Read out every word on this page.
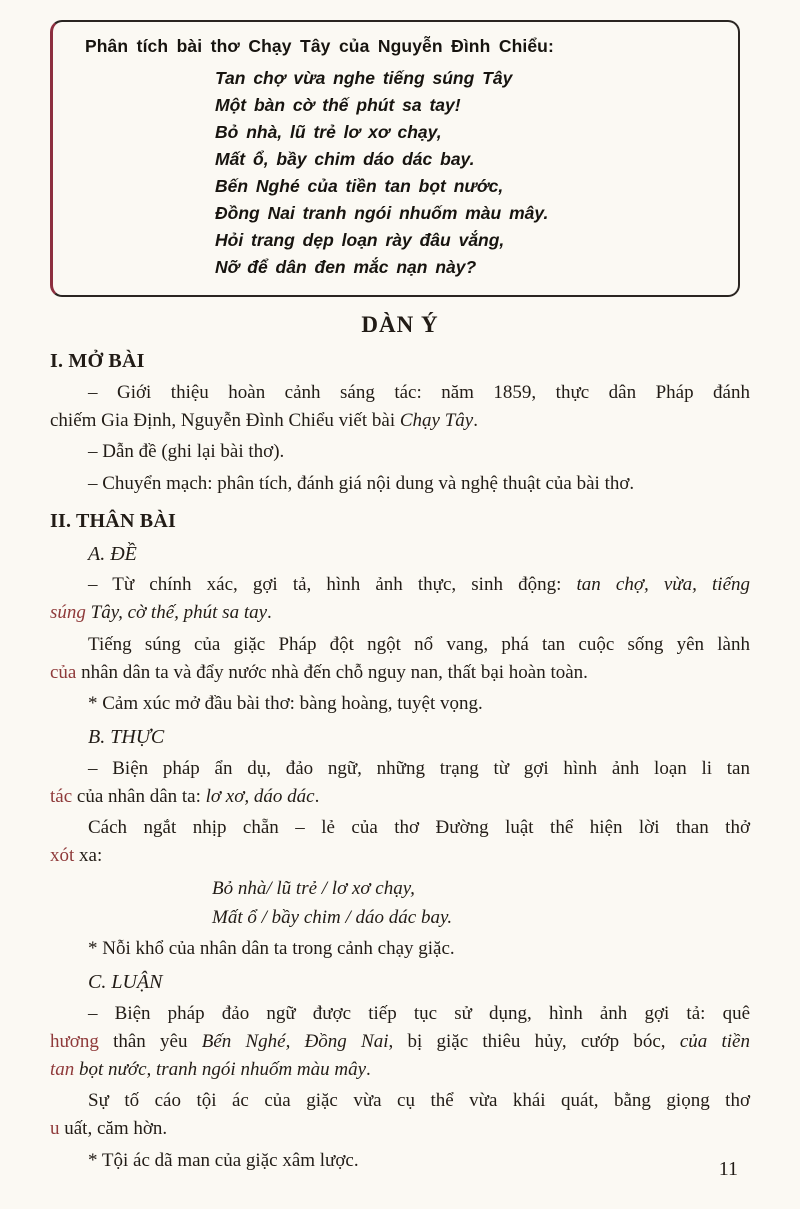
Phân tích bài thơ Chạy Tây của Nguyễn Đình Chiểu:
Tan chợ vừa nghe tiếng súng Tây
Một bàn cờ thế phút sa tay!
Bỏ nhà, lũ trẻ lơ xơ chạy,
Mất ổ, bầy chim dáo dác bay.
Bến Nghé của tiền tan bọt nước,
Đồng Nai tranh ngói nhuốm màu mây.
Hỏi trang dẹp loạn rày đâu vắng,
Nỡ để dân đen mắc nạn này?
DÀN Ý

I. MỞ BÀI

– Giới thiệu hoàn cảnh sáng tác: năm 1859, thực dân Pháp đánh
chiếm Gia Định, Nguyễn Đình Chiểu viết bài Chạy Tây.

– Dẫn đề (ghi lại bài thơ).

– Chuyển mạch: phân tích, đánh giá nội dung và nghệ thuật của bài thơ.

II. THÂN BÀI

A. ĐỀ

– Từ chính xác, gợi tả, hình ảnh thực, sinh động: tan chợ, vừa, tiếng
súng Tây, cờ thế, phút sa tay.

Tiếng súng của giặc Pháp đột ngột nổ vang, phá tan cuộc sống yên lành
của nhân dân ta và đẩy nước nhà đến chỗ nguy nan, thất bại hoàn toàn.

* Cảm xúc mở đầu bài thơ: bàng hoàng, tuyệt vọng.

B. THỰC

– Biện pháp ẩn dụ, đảo ngữ, những trạng từ gợi hình ảnh loạn li tan
tác của nhân dân ta: lơ xơ, dáo dác.

Cách ngắt nhịp chẵn – lẻ của thơ Đường luật thể hiện lời than thở
xót xa:

Bỏ nhà/ lũ trẻ / lơ xơ chạy,

Mất ổ / bầy chim / dáo dác bay.

* Nỗi khổ của nhân dân ta trong cảnh chạy giặc.

C. LUẬN

– Biện pháp đảo ngữ được tiếp tục sử dụng, hình ảnh gợi tả: quê
hương thân yêu Bến Nghé, Đồng Nai, bị giặc thiêu hủy, cướp bóc, của tiền
tan bọt nước, tranh ngói nhuốm màu mây.

Sự tố cáo tội ác của giặc vừa cụ thể vừa khái quát, bằng giọng thơ
u uất, căm hờn.

* Tội ác dã man của giặc xâm lược.	11
